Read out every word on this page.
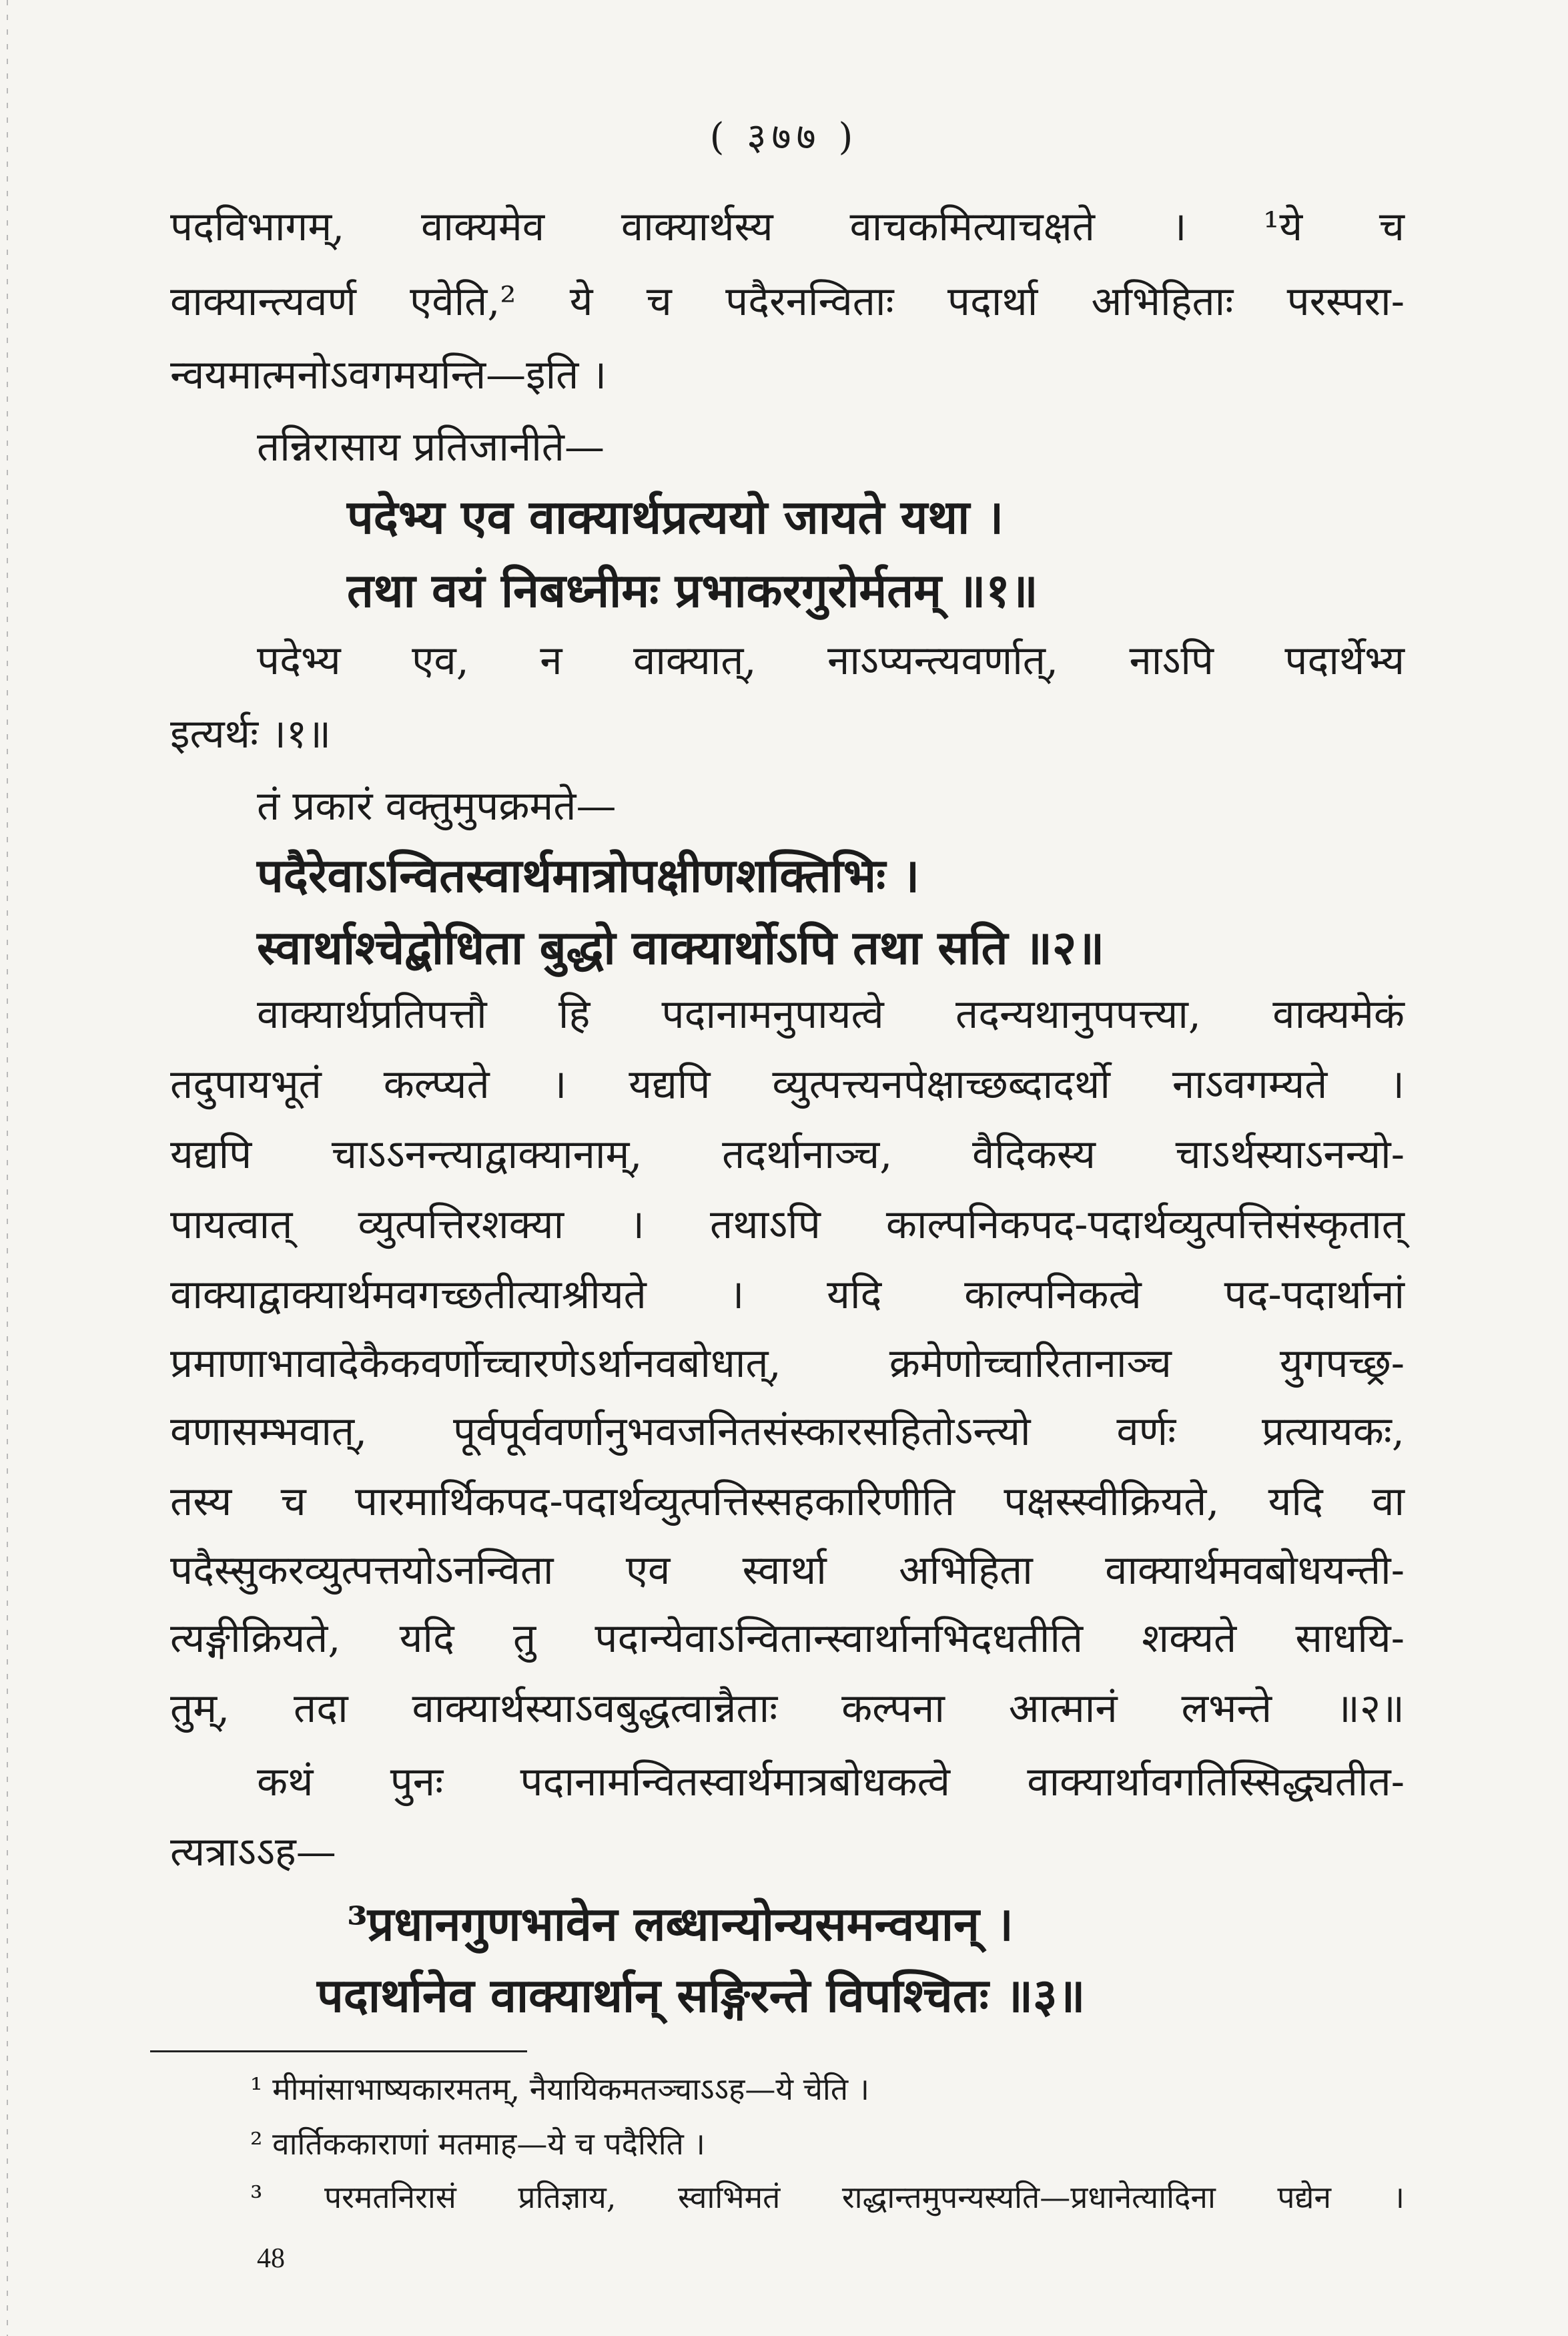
( ३७७ )
पदविभागम्, वाक्यमेव वाक्यार्थस्य वाचकमित्याचक्षते । ¹ये च
वाक्यान्त्यवर्ण एवेति,² ये च पदैरनन्विताः पदार्था अभिहिताः परस्परा-
न्वयमात्मनोऽवगमयन्ति—इति ।
तन्निरासाय प्रतिजानीते—
पदेभ्य एव वाक्यार्थप्रत्ययो जायते यथा ।
तथा वयं निबध्नीमः प्रभाकरगुरोर्मतम् ॥१॥
पदेभ्य एव, न वाक्यात्, नाऽप्यन्त्यवर्णात्, नाऽपि पदार्थेभ्य
इत्यर्थः ।१॥
तं प्रकारं वक्तुमुपक्रमते—
पदैरेवाऽन्वितस्वार्थमात्रोपक्षीणशक्तिभिः ।
स्वार्थाश्चेद्बोधिता बुद्धो वाक्यार्थोऽपि तथा सति ॥२॥
वाक्यार्थप्रतिपत्तौ हि पदानामनुपायत्वे तदन्यथानुपपत्त्या, वाक्यमेकं
तदुपायभूतं कल्प्यते । यद्यपि व्युत्पत्त्यनपेक्षाच्छब्दादर्थो नाऽवगम्यते ।
यद्यपि चाऽऽनन्त्याद्वाक्यानाम्, तदर्थानाञ्च, वैदिकस्य चाऽर्थस्याऽनन्यो-
पायत्वात् व्युत्पत्तिरशक्या । तथाऽपि काल्पनिकपद-पदार्थव्युत्पत्तिसंस्कृतात्
वाक्याद्वाक्यार्थमवगच्छतीत्याश्रीयते । यदि काल्पनिकत्वे पद-पदार्थानां
प्रमाणाभावादेकैकवर्णोच्चारणेऽर्थानवबोधात्, क्रमेणोच्चारितानाञ्च युगपच्छ्र-
वणासम्भवात्, पूर्वपूर्ववर्णानुभवजनितसंस्कारसहितोऽन्त्यो वर्णः प्रत्यायकः,
तस्य च पारमार्थिकपद-पदार्थव्युत्पत्तिस्सहकारिणीति पक्षस्स्वीक्रियते, यदि वा
पदैस्सुकरव्युत्पत्तयोऽनन्विता एव स्वार्था अभिहिता वाक्यार्थमवबोधयन्ती-
त्यङ्गीक्रियते, यदि तु पदान्येवाऽन्वितान्स्वार्थानभिदधतीति शक्यते साधयि-
तुम्, तदा वाक्यार्थस्याऽवबुद्धत्वान्नैताः कल्पना आत्मानं लभन्ते ॥२॥
कथं पुनः पदानामन्वितस्वार्थमात्रबोधकत्वे वाक्यार्थावगतिस्सिद्ध्यतीत-
त्यत्राऽऽह—
³प्रधानगुणभावेन लब्धान्योन्यसमन्वयान् ।
पदार्थानेव वाक्यार्थान् सङ्गिरन्ते विपश्चितः ॥३॥
¹ मीमांसाभाष्यकारमतम्, नैयायिकमतञ्चाऽऽह—ये चेति ।
² वार्तिककाराणां मतमाह—ये च पदैरिति ।
³ परमतनिरासं प्रतिज्ञाय, स्वाभिमतं राद्धान्तमुपन्यस्यति—प्रधानेत्यादिना पद्येन ।
48
